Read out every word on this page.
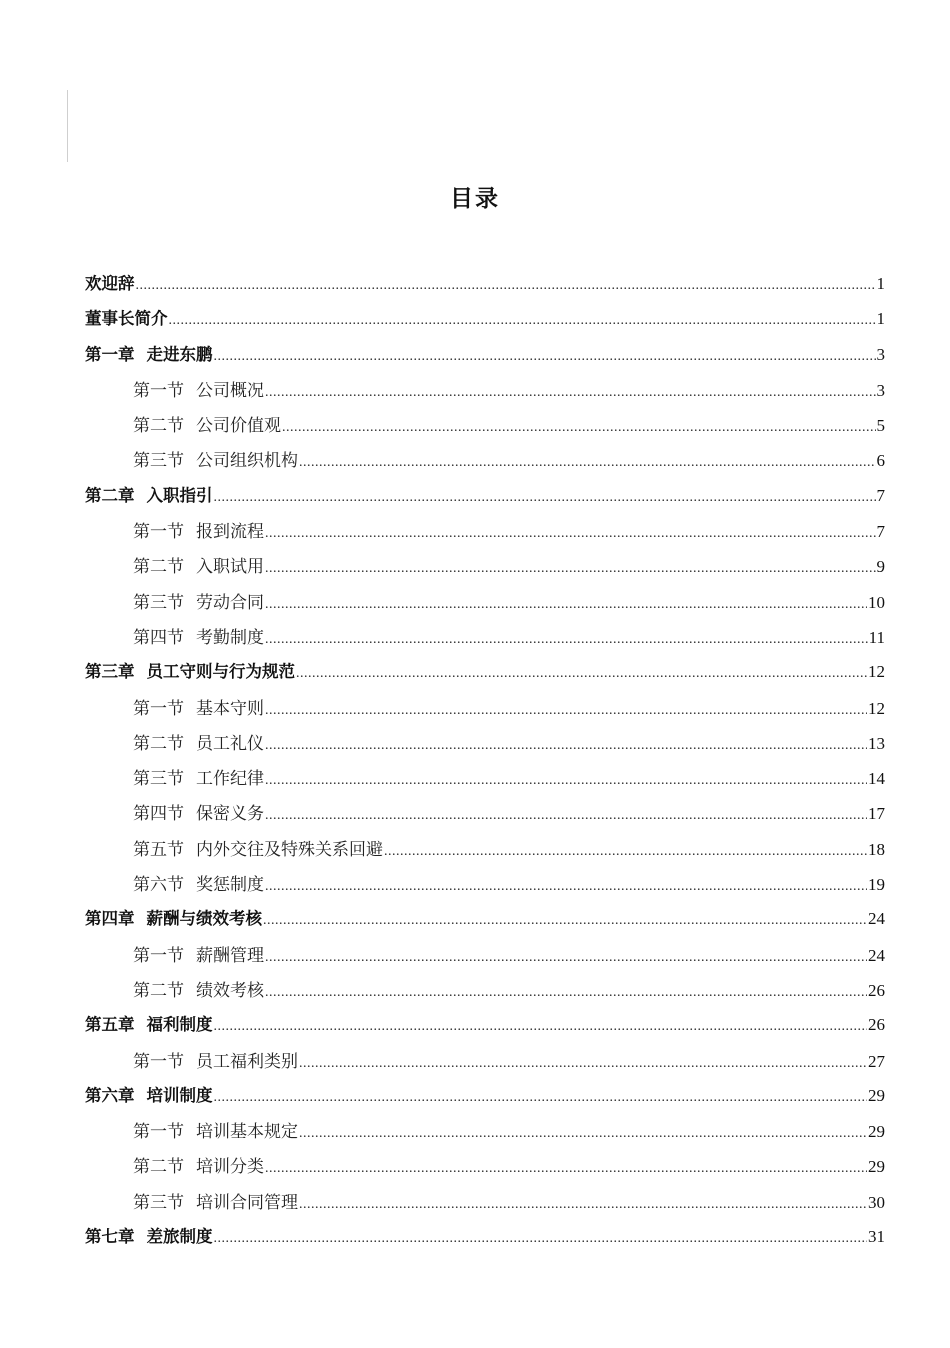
目录
欢迎辞 .....	1
董事长简介 .....	1
第一章 走进东鹏 .....	3
第一节 公司概况 .....	3
第二节 公司价值观 .....	5
第三节 公司组织机构 .....	6
第二章 入职指引 .....	7
第一节 报到流程 .....	7
第二节 入职试用 .....	9
第三节 劳动合同 .....	10
第四节 考勤制度 .....	11
第三章 员工守则与行为规范 .....	12
第一节 基本守则 .....	12
第二节 员工礼仪 .....	13
第三节 工作纪律 .....	14
第四节 保密义务 .....	17
第五节 内外交往及特殊关系回避 .....	18
第六节 奖惩制度 .....	19
第四章 薪酬与绩效考核 .....	24
第一节 薪酬管理 .....	24
第二节 绩效考核 .....	26
第五章 福利制度 .....	26
第一节 员工福利类别 .....	27
第六章 培训制度 .....	29
第一节 培训基本规定 .....	29
第二节 培训分类 .....	29
第三节 培训合同管理 .....	30
第七章 差旅制度 .....	31
